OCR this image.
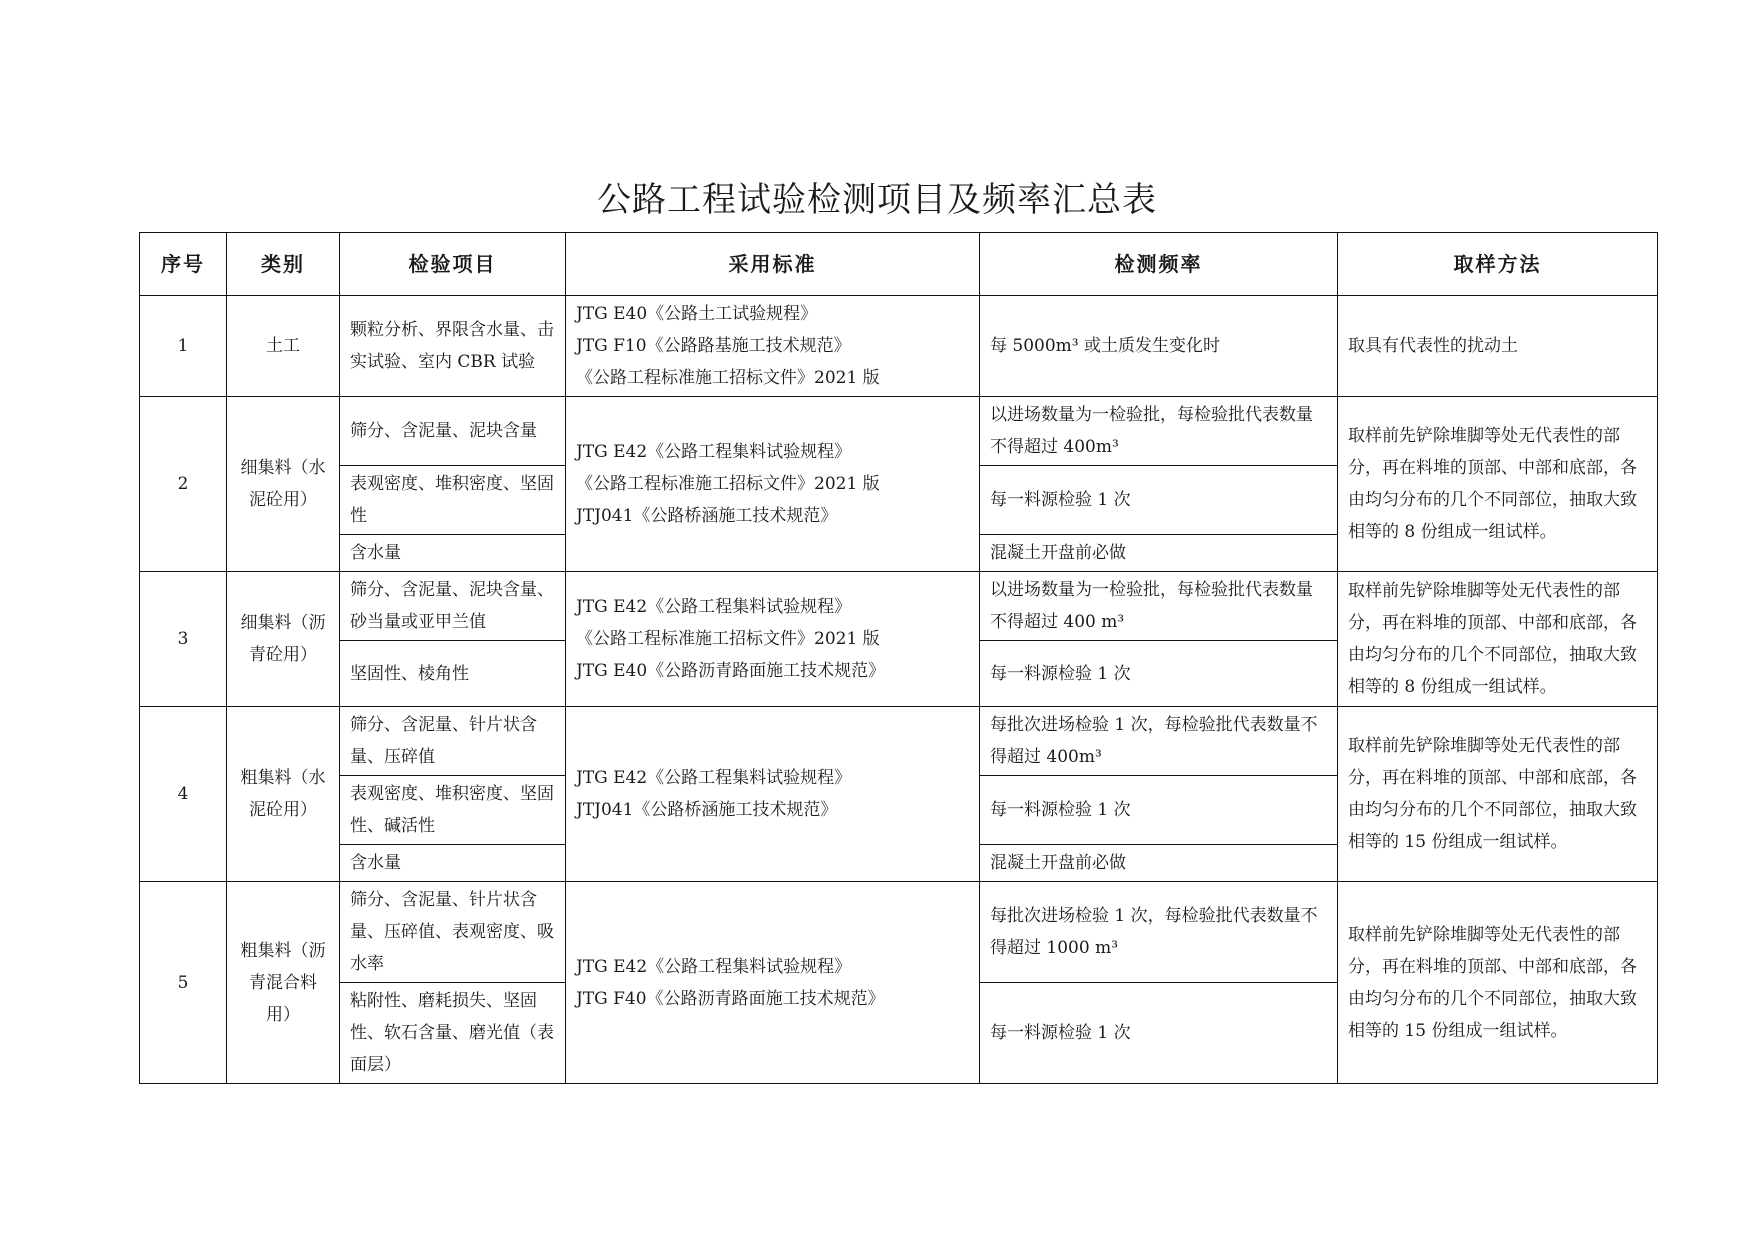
公路工程试验检测项目及频率汇总表
序号	类别	检验项目	采用标准	检测频率	取样方法
1	土工	颗粒分析、界限含水量、击实试验、室内 CBR 试验	JTG E40《公路土工试验规程》
JTG F10《公路路基施工技术规范》
《公路工程标准施工招标文件》2021 版	每 5000m³ 或土质发生变化时	取具有代表性的扰动土
2	细集料（水泥砼用）	筛分、含泥量、泥块含量	JTG E42《公路工程集料试验规程》
《公路工程标准施工招标文件》2021 版
JTJ041《公路桥涵施工技术规范》	以进场数量为一检验批，每检验批代表数量不得超过 400m³	取样前先铲除堆脚等处无代表性的部分，再在料堆的顶部、中部和底部，各由均匀分布的几个不同部位，抽取大致相等的 8 份组成一组试样。
		表观密度、堆积密度、坚固性		每一料源检验 1 次	
		含水量		混凝土开盘前必做	
3	细集料（沥青砼用）	筛分、含泥量、泥块含量、砂当量或亚甲兰值	JTG E42《公路工程集料试验规程》
《公路工程标准施工招标文件》2021 版
JTG E40《公路沥青路面施工技术规范》	以进场数量为一检验批，每检验批代表数量不得超过 400 m³	取样前先铲除堆脚等处无代表性的部分，再在料堆的顶部、中部和底部，各由均匀分布的几个不同部位，抽取大致相等的 8 份组成一组试样。
		坚固性、棱角性		每一料源检验 1 次	
4	粗集料（水泥砼用）	筛分、含泥量、针片状含量、压碎值	JTG E42《公路工程集料试验规程》
JTJ041《公路桥涵施工技术规范》	每批次进场检验 1 次，每检验批代表数量不得超过 400m³	取样前先铲除堆脚等处无代表性的部分，再在料堆的顶部、中部和底部，各由均匀分布的几个不同部位，抽取大致相等的 15 份组成一组试样。
		表观密度、堆积密度、坚固性、碱活性		每一料源检验 1 次	
		含水量		混凝土开盘前必做	
5	粗集料（沥青混合料用）	筛分、含泥量、针片状含量、压碎值、表观密度、吸水率	JTG E42《公路工程集料试验规程》
JTG F40《公路沥青路面施工技术规范》	每批次进场检验 1 次，每检验批代表数量不得超过 1000 m³	取样前先铲除堆脚等处无代表性的部分，再在料堆的顶部、中部和底部，各由均匀分布的几个不同部位，抽取大致相等的 15 份组成一组试样。
		粘附性、磨耗损失、坚固性、软石含量、磨光值（表面层）		每一料源检验 1 次	
